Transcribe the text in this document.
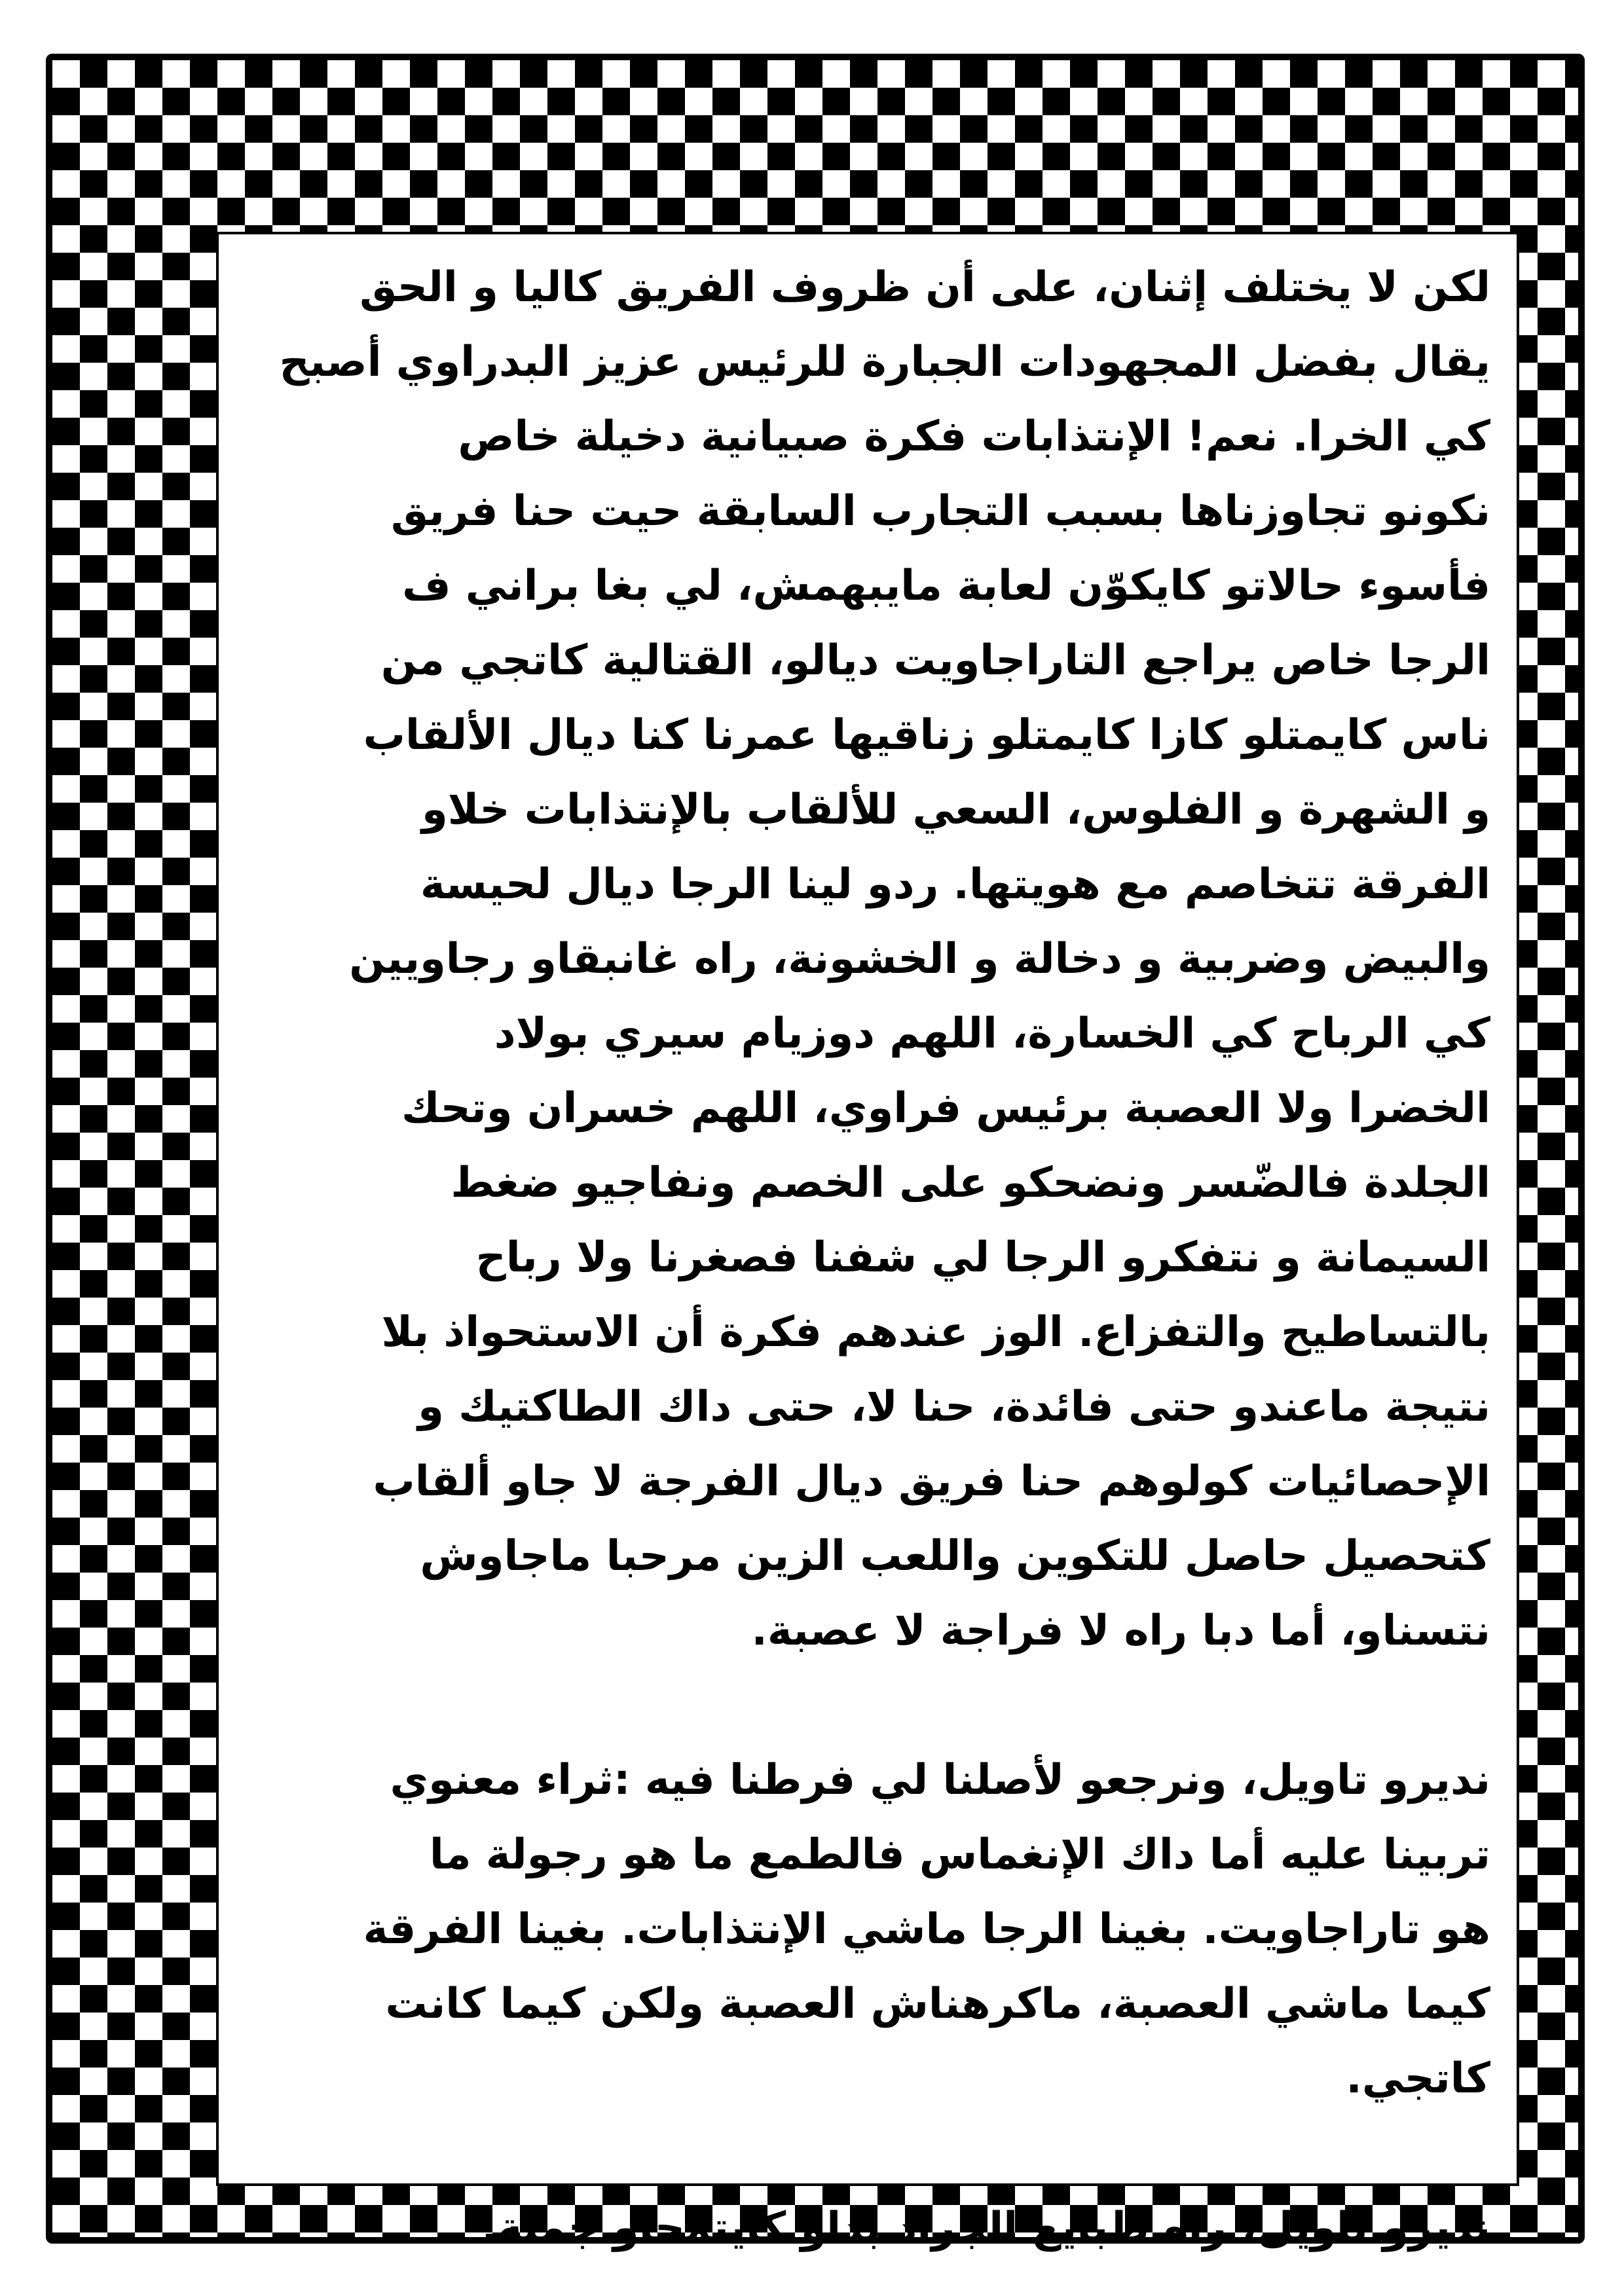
لكن لا يختلف إثنان، على أن ظروف الفريق كاليا و الحق
يقال بفضل المجهودات الجبارة للرئيس عزيز البدراوي أصبح
كي الخرا. نعم! الإنتذابات فكرة صبيانية دخيلة خاص
نكونو تجاوزناها بسبب التجارب السابقة حيت حنا فريق
فأسوء حالاتو كايكوّن لعابة مايبهمش، لي بغا براني ف
الرجا خاص يراجع التاراجاويت ديالو، القتالية كاتجي من
ناس كايمتلو كازا كايمتلو زناقيها عمرنا كنا ديال الألقاب
و الشهرة و الفلوس، السعي للألقاب بالإنتذابات خلاو
الفرقة تتخاصم مع هويتها. ردو لينا الرجا ديال لحيسة
والبيض وضربية و دخالة و الخشونة، راه غانبقاو رجاويين
كي الرباح كي الخسارة، اللهم دوزيام سيري بولاد
الخضرا ولا العصبة برئيس فراوي، اللهم خسران وتحك
الجلدة فالضّسر ونضحكو على الخصم ونفاجيو ضغط
السيمانة و نتفكرو الرجا لي شفنا فصغرنا ولا رباح
بالتساطيح والتفزاع. الوز عندهم فكرة أن الاستحواذ بلا
نتيجة ماعندو حتى فائدة، حنا لا، حتى داك الطاكتيك و
الإحصائيات كولوهم حنا فريق ديال الفرجة لا جاو ألقاب
كتحصيل حاصل للتكوين واللعب الزين مرحبا ماجاوش
نتسناو، أما دبا راه لا فراجة لا عصبة.

نديرو تاويل، ونرجعو لأصلنا لي فرطنا فيه :ثراء معنوي
تربينا عليه أما داك الإنغماس فالطمع ما هو رجولة ما
هو تاراجاويت. بغينا الرجا ماشي الإنتذابات. بغينا الفرقة
كيما ماشي العصبة، ماكرهناش العصبة ولكن كيما كانت
كاتجي.

نديرو تاويل، راه طبايع الجراد بداو كايتمحاو جملة.
